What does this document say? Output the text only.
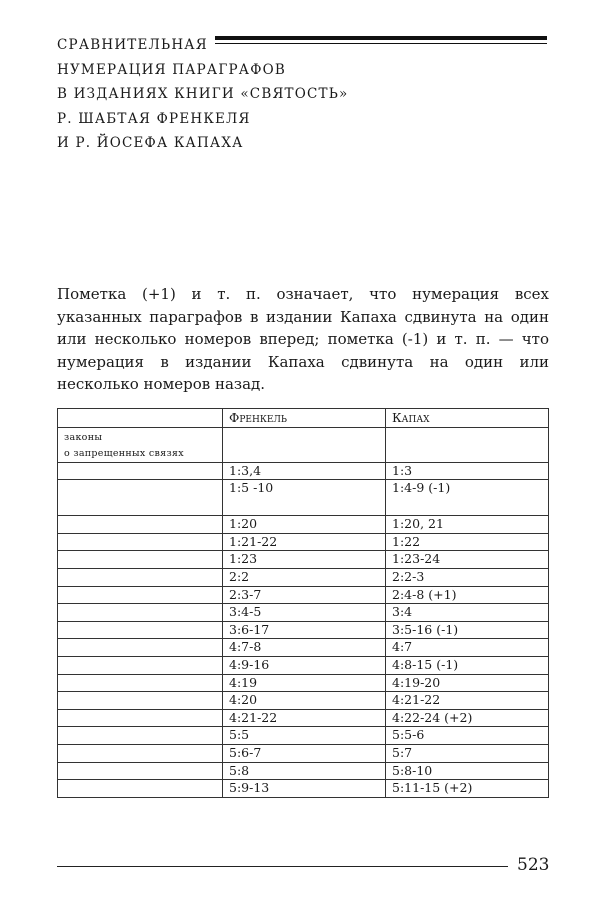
СРАВНИТЕЛЬНАЯ
НУМЕРАЦИЯ ПАРАГРАФОВ
В ИЗДАНИЯХ КНИГИ «СВЯТОСТЬ»
Р. ШАБТАЯ ФРЕНКЕЛЯ
И Р. ЙОСЕФА КАПАХА

Пометка (+1) и т. п. означает, что нумерация всех указанных параграфов в издании Капаха сдвинута на один или несколько номеров вперед; пометка (-1) и т. п. — что нумерация в издании Капаха сдвинута на один или несколько номеров назад.

	Френкель	Капах

законы
о запрещенных связях		

	1:3,4	1:3
	1:5 -10	1:4-9 (-1)
	1:20	1:20, 21
	1:21-22	1:22
	1:23	1:23-24
	2:2	2:2-3
	2:3-7	2:4-8 (+1)
	3:4-5	3:4
	3:6-17	3:5-16 (-1)
	4:7-8	4:7
	4:9-16	4:8-15 (-1)
	4:19	4:19-20
	4:20	4:21-22
	4:21-22	4:22-24 (+2)
	5:5	5:5-6
	5:6-7	5:7
	5:8	5:8-10
	5:9-13	5:11-15 (+2)
523
